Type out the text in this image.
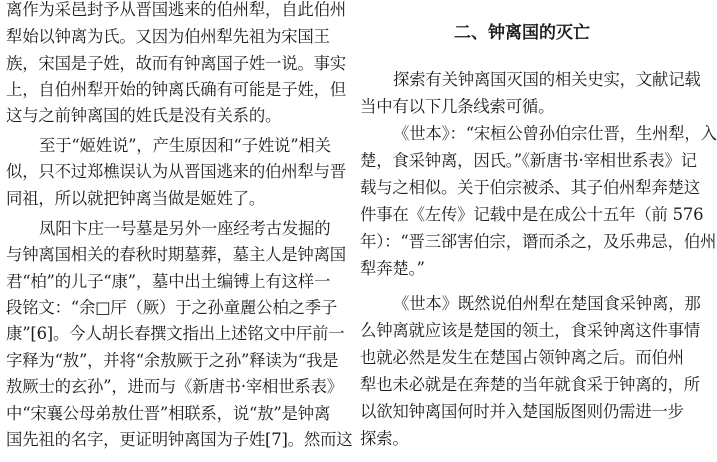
离作为采邑封予从晋国逃来的伯州犁，自此伯州
犁始以钟离为氏。又因为伯州犁先祖为宋国王
族，宋国是子姓，故而有钟离国子姓一说。事实
上，自伯州犁开始的钟离氏确有可能是子姓，但
这与之前钟离国的姓氏是没有关系的。
至于“姬姓说”，产生原因和“子姓说”相关
似，只不过郑樵误认为从晋国逃来的伯州犁与晋
同祖，所以就把钟离当做是姬姓了。
凤阳卞庄一号墓是另外一座经考古发掘的
与钟离国相关的春秋时期墓葬，墓主人是钟离国
君“柏”的儿子“康”，墓中出土编镈上有这样一
段铭文：“余□厈（厥）于之孙童麗公柏之季子
康”[6]。今人胡长春撰文指出上述铭文中厈前一
字释为“敖”，并将“余敖厥于之孙”释读为“我是
敖厥士的玄孙”，进而与《新唐书·宰相世系表》
中“宋襄公母弟敖仕晋”相联系，说“敖”是钟离
国先祖的名字，更证明钟离国为子姓[7]。然而这
二、钟离国的灭亡
探索有关钟离国灭国的相关史实，文献记载
当中有以下几条线索可循。
《世本》：“宋桓公曾孙伯宗仕晋，生州犁，入
楚，食采钟离，因氏。”《新唐书·宰相世系表》记
载与之相似。关于伯宗被杀、其子伯州犁奔楚这
件事在《左传》记载中是在成公十五年（前 576
年）：“晋三郤害伯宗，谮而杀之，及乐弗忌，伯州
犁奔楚。”
《世本》既然说伯州犁在楚国食采钟离，那
么钟离就应该是楚国的领土，食采钟离这件事情
也就必然是发生在楚国占领钟离之后。而伯州
犁也未必就是在奔楚的当年就食采于钟离的，所
以欲知钟离国何时并入楚国版图则仍需进一步
探索。
